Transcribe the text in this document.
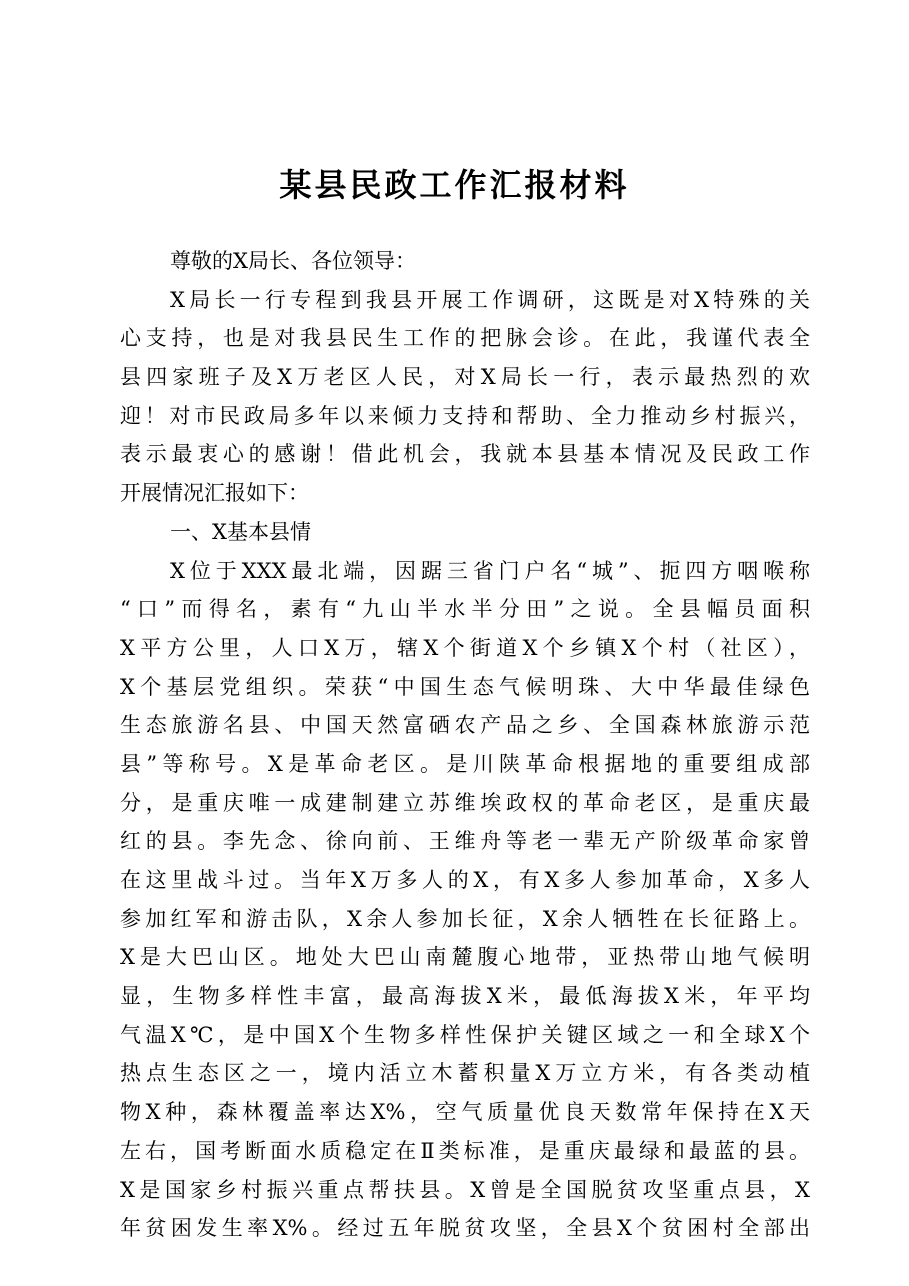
某县民政工作汇报材料
尊敬的X局长、各位领导：
X局长一行专程到我县开展工作调研，这既是对X特殊的关
心支持，也是对我县民生工作的把脉会诊。在此，我谨代表全
县四家班子及X万老区人民，对X局长一行，表示最热烈的欢
迎！对市民政局多年以来倾力支持和帮助、全力推动乡村振兴，
表示最衷心的感谢！借此机会，我就本县基本情况及民政工作
开展情况汇报如下：
一、X基本县情
X位于XXX最北端，因踞三省门户名“城”、扼四方咽喉称
“口”而得名，素有“九山半水半分田”之说。全县幅员面积
X平方公里，人口X万，辖X个街道X个乡镇X个村（社区），
X个基层党组织。荣获“中国生态气候明珠、大中华最佳绿色
生态旅游名县、中国天然富硒农产品之乡、全国森林旅游示范
县”等称号。X是革命老区。是川陕革命根据地的重要组成部
分，是重庆唯一成建制建立苏维埃政权的革命老区，是重庆最
红的县。李先念、徐向前、王维舟等老一辈无产阶级革命家曾
在这里战斗过。当年X万多人的X，有X多人参加革命，X多人
参加红军和游击队，X余人参加长征，X余人牺牲在长征路上。
X是大巴山区。地处大巴山南麓腹心地带，亚热带山地气候明
显，生物多样性丰富，最高海拔X米，最低海拔X米，年平均
气温X℃，是中国X个生物多样性保护关键区域之一和全球X个
热点生态区之一，境内活立木蓄积量X万立方米，有各类动植
物X种，森林覆盖率达X%，空气质量优良天数常年保持在X天
左右，国考断面水质稳定在Ⅱ类标准，是重庆最绿和最蓝的县。
X是国家乡村振兴重点帮扶县。X曾是全国脱贫攻坚重点县，X
年贫困发生率X%。经过五年脱贫攻坚，全县X个贫困村全部出
